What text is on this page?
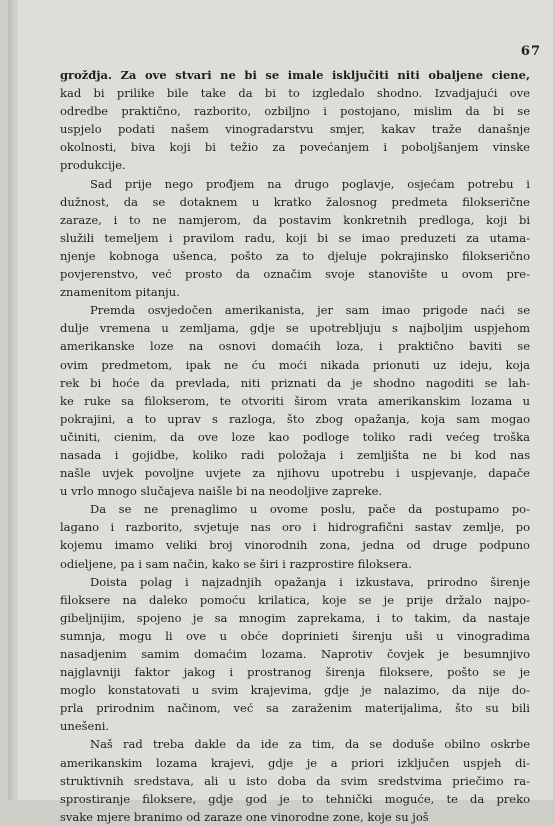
67
grožđja. Za ove stvari ne bi se imale isključiti niti obaljene ciene,
kad bi prilike bile take da bi to izgledalo shodno. Izvadjajući ove
odredbe praktično, razborito, ozbiljno i postojano, mislim da bi se
uspjelo podati našem vinogradarstvu smjer, kakav traže današnje
okolnosti, biva koji bi težio za povećanjem i poboljšanjem vinske
produkcije.
Sad prije nego prođjem na drugo poglavje, osjećam potrebu i
dužnost, da se dotaknem u kratko žalosnog predmeta filokserične
zaraze, i to ne namjerom, da postavim konkretnih predloga, koji bi
služili temeljem i pravilom radu, koji bi se imao preduzeti za utama-
njenje kobnoga ušenca, pošto za to djeluje pokrajinsko filokserično
povjerenstvo, već prosto da označim svoje stanovište u ovom pre-
znamenitom pitanju.
Premda osvjedočen amerikanista, jer sam imao prigode naći se
dulje vremena u zemljama, gdje se upotrebljuju s najboljim uspjehom
amerikanske loze na osnovi domaćih loza, i praktično baviti se
ovim predmetom, ipak ne ću moći nikada prionuti uz ideju, koja
rek bi hoće da prevlada, niti priznati da je shodno nagoditi se lah-
ke ruke sa filokserom, te otvoriti širom vrata amerikanskim lozama u
pokrajini, a to uprav s razloga, što zbog opažanja, koja sam mogao
učiniti, cienim, da ove loze kao podloge toliko radi većeg troška
nasada i gojidbe, koliko radi položaja i zemljišta ne bi kod nas
našle uvjek povoljne uvjete za njihovu upotrebu i uspjevanje, dapače
u vrlo mnogo slučajeva naišle bi na neodoljive zapreke.
Da se ne prenaglimo u ovome poslu, pače da postupamo po-
lagano i razborito, svjetuje nas oro i hidrografični sastav zemlje, po
kojemu imamo veliki broj vinorodnih zona, jedna od druge podpuno
odieljene, pa i sam način, kako se širi i razprostire filoksera.
Doista polag i najzadnjih opažanja i izkustava, prirodno širenje
filoksere na daleko pomoću krilatica, koje se je prije držalo najpo-
gibeljnijim, spojeno je sa mnogim zaprekama, i to takim, da nastaje
sumnja, mogu li ove u obće doprinieti širenju uši u vinogradima
nasadjenim samim domaćim lozama. Naprotiv čovjek je besumnjivo
najglavniji faktor jakog i prostranog širenja filoksere, pošto se je
moglo konstatovati u svim krajevima, gdje je nalazimo, da nije do-
prla prirodnim načinom, već sa zaraženim materijalima, što su bili
unešeni.
Naš rad treba dakle da ide za tim, da se doduše obilno oskrbe
amerikanskim lozama krajevi, gdje je a priori izključen uspjeh di-
struktivnih sredstava, ali u isto doba da svim sredstvima priečimo ra-
sprostiranje filoksere, gdje god je to tehnički moguće, te da preko
svake mjere branimo od zaraze one vinorodne zone, koje su još
